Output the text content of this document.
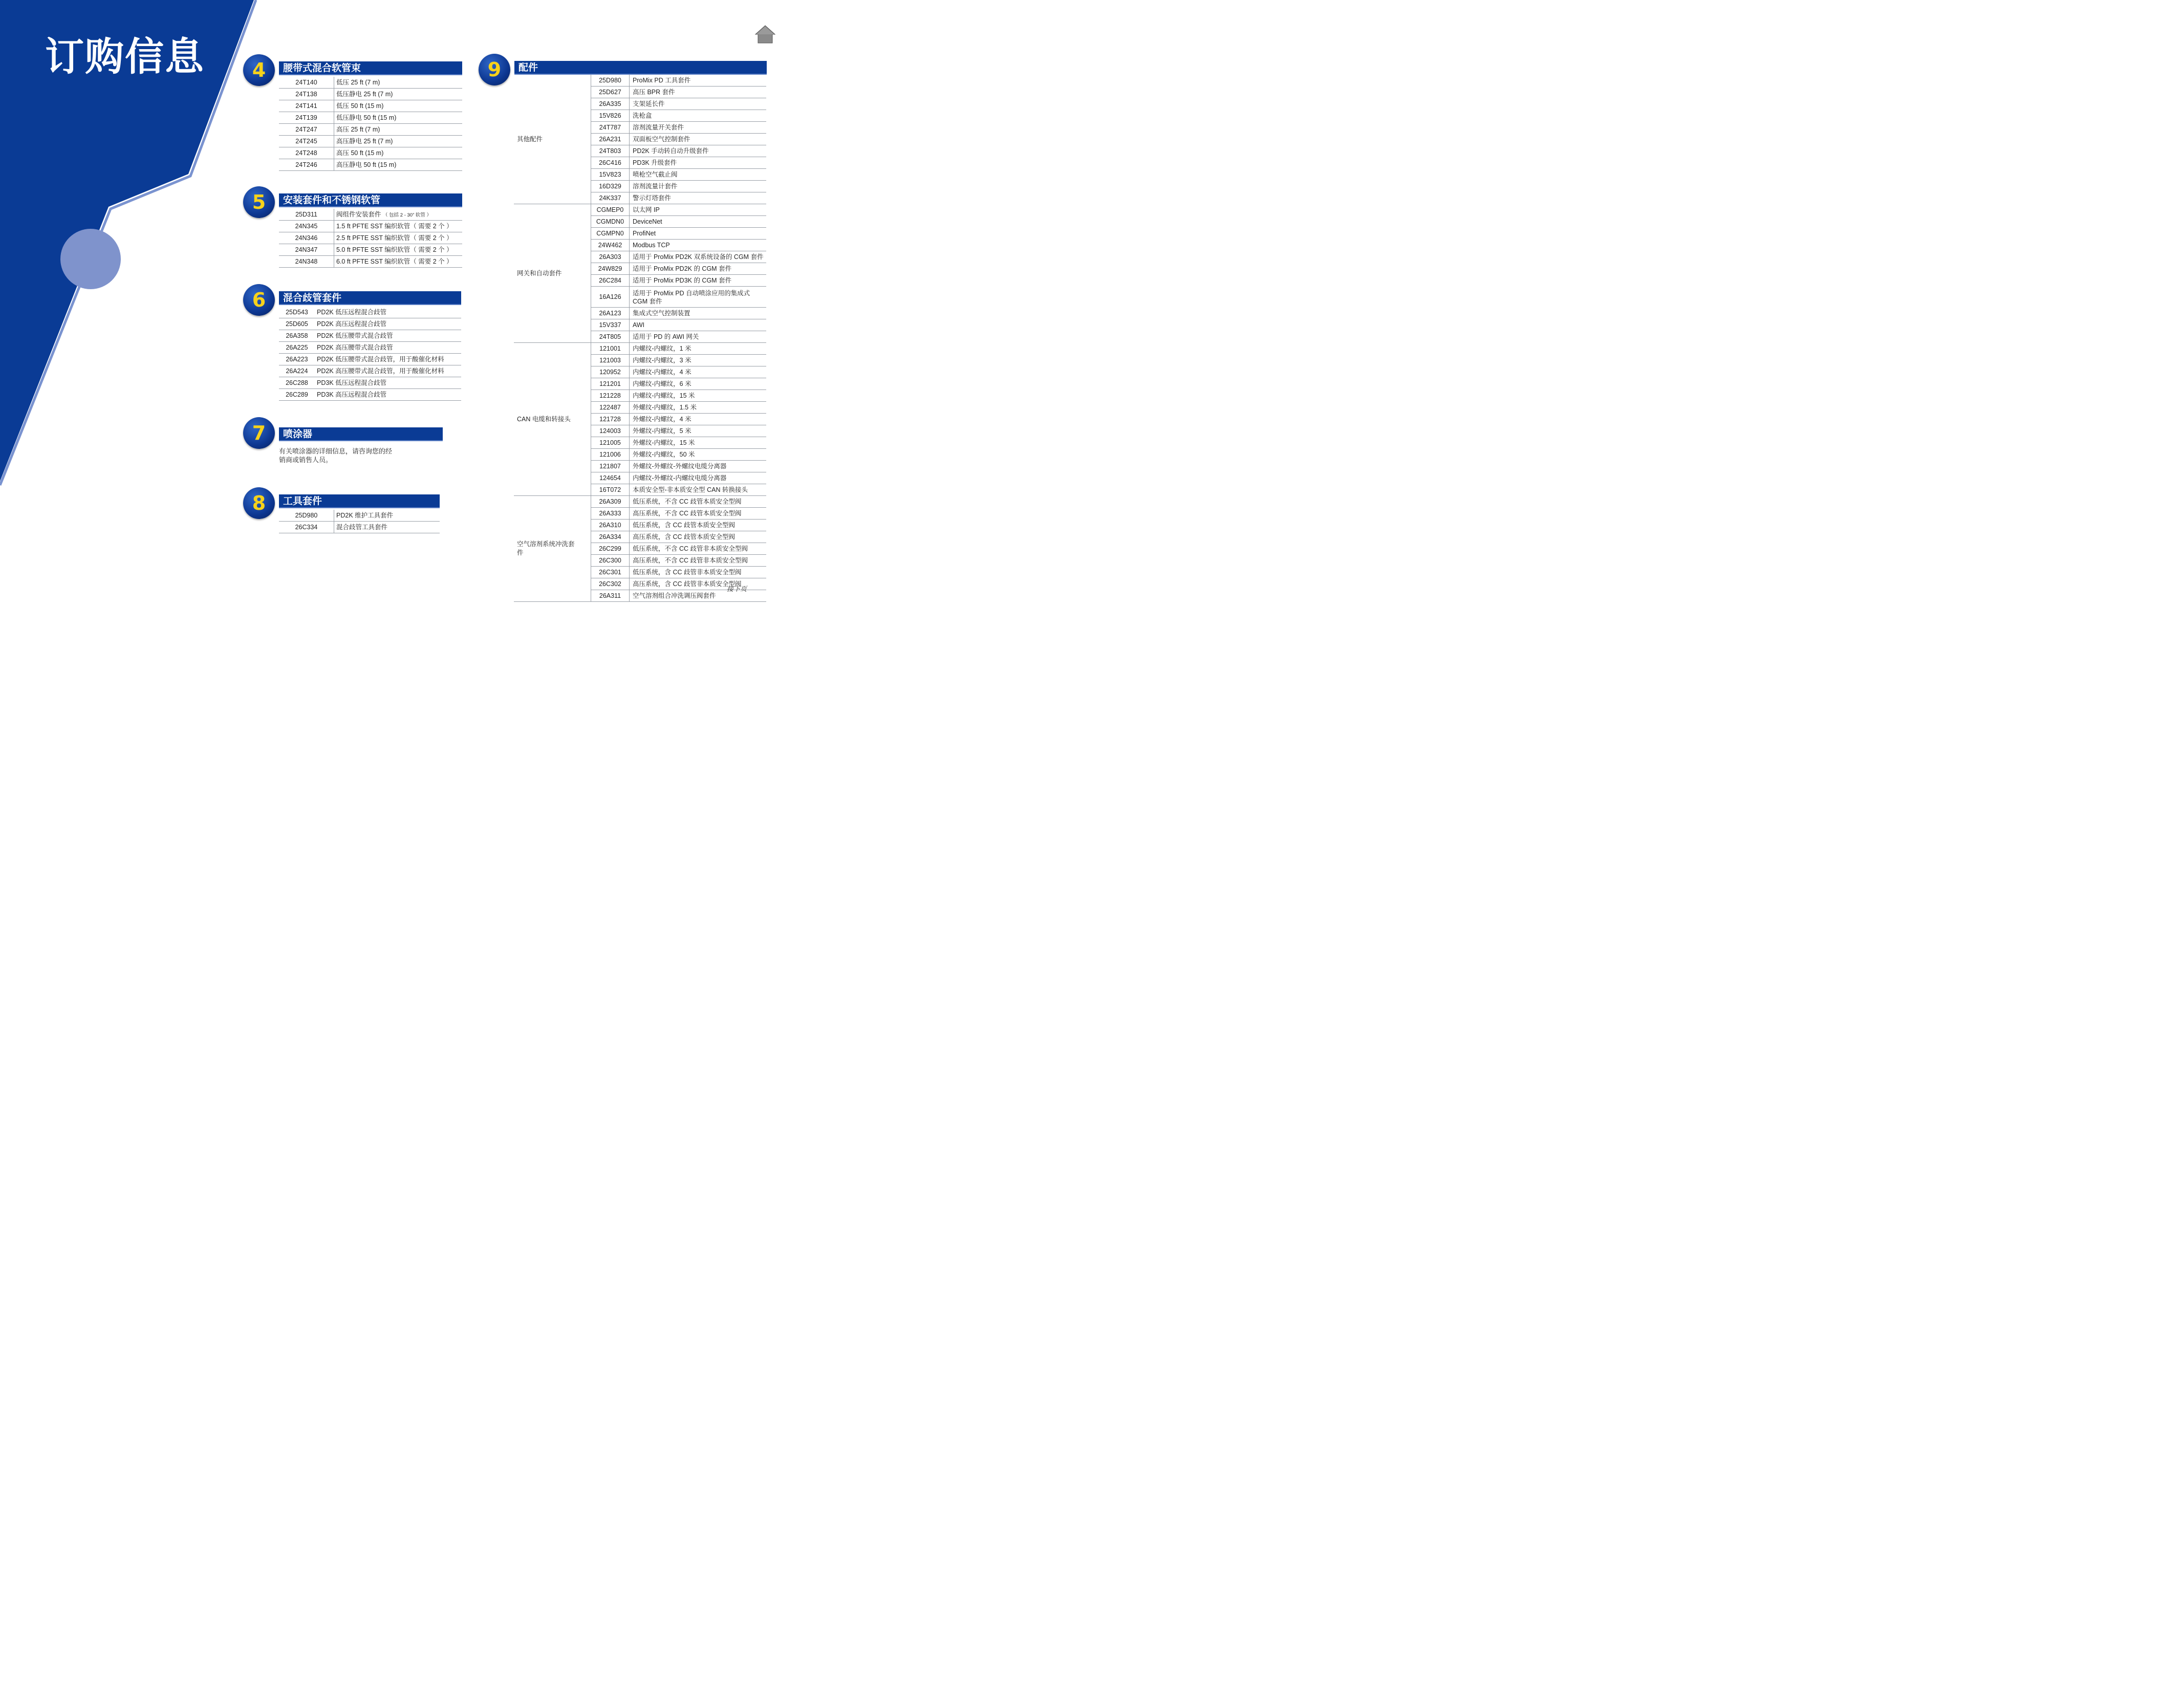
订购信息	4	腰带式混合软管束
24T140	低压 25 ft (7 m)
24T138	低压静电 25 ft (7 m)
24T141	低压 50 ft (15 m)
24T139	低压静电 50 ft (15 m)
24T247	高压 25 ft (7 m)
24T245	高压静电 25 ft (7 m)
24T248	高压 50 ft (15 m)
24T246	高压静电 50 ft (15 m)
5	安装套件和不锈钢软管
25D311	阀组件安装套件 （ 包括 2 - 30” 软管 ）
24N345	1.5 ft PFTE SST 编织软管（ 需要 2 个 ）
24N346	2.5 ft PFTE SST 编织软管（ 需要 2 个 ）
24N347	5.0 ft PFTE SST 编织软管（ 需要 2 个 ）
24N348	6.0 ft PFTE SST 编织软管（ 需要 2 个 ）
6	混合歧管套件
25D543	PD2K 低压远程混合歧管
25D605	PD2K 高压远程混合歧管
26A358	PD2K 低压腰带式混合歧管
26A225	PD2K 高压腰带式混合歧管
26A223	PD2K 低压腰带式混合歧管，用于酸催化材料
26A224	PD2K 高压腰带式混合歧管，用于酸催化材料
26C288	PD3K 低压远程混合歧管
26C289	PD3K 高压远程混合歧管
7	喷涂器
有关喷涂器的详细信息，请咨询您的经
销商或销售人员。
8	工具套件
25D980	PD2K 维护工具套件
26C334	混合歧管工具套件
9	配件
其他配件
25D980	ProMix PD 工具套件
25D627	高压 BPR 套件
26A335	支架延长件
15V826	洗枪盒
24T787	溶剂流量开关套件
26A231	双面板空气控制套件
24T803	PD2K 手动转自动升级套件
26C416	PD3K 升级套件
15V823	喷枪空气截止阀
16D329	溶剂流量计套件
24K337	警示灯塔套件
网关和自动套件
CGMEP0	以太网 IP
CGMDN0	DeviceNet
CGMPN0	ProfiNet
24W462	Modbus TCP
26A303	适用于 ProMix PD2K 双系统设备的 CGM 套件
24W829	适用于 ProMix PD2K 的 CGM 套件
26C284	适用于 ProMix PD3K 的 CGM 套件
16A126	适用于 ProMix PD 自动喷涂应用的集成式 CGM 套件
26A123	集成式空气控制装置
15V337	AWI
24T805	适用于 PD 的 AWI 网关
CAN 电缆和转接头
121001	内螺纹-内螺纹，1 米
121003	内螺纹-内螺纹，3 米
120952	内螺纹-内螺纹，4 米
121201	内螺纹-内螺纹，6 米
121228	内螺纹-内螺纹，15 米
122487	外螺纹-内螺纹，1.5 米
121728	外螺纹-内螺纹，4 米
124003	外螺纹-内螺纹，5 米
121005	外螺纹-内螺纹，15 米
121006	外螺纹-内螺纹，50 米
121807	外螺纹-外螺纹-外螺纹电缆分离器
124654	内螺纹-外螺纹-内螺纹电缆分离器
16T072	本质安全型-非本质安全型 CAN 转换接头
空气溶剂系统冲洗套件
26A309	低压系统，不含 CC 歧管本质安全型阀
26A333	高压系统，不含 CC 歧管本质安全型阀
26A310	低压系统，含 CC 歧管本质安全型阀
26A334	高压系统，含 CC 歧管本质安全型阀
26C299	低压系统，不含 CC 歧管非本质安全型阀
26C300	高压系统，不含 CC 歧管非本质安全型阀
26C301	低压系统，含 CC 歧管非本质安全型阀
26C302	高压系统，含 CC 歧管非本质安全型阀
26A311	空气溶剂组合冲洗调压阀套件
接下页
